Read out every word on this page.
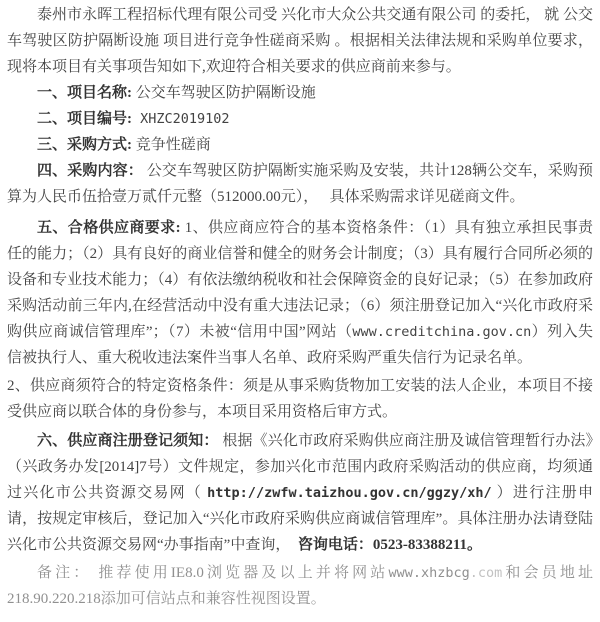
泰州市永晖工程招标代理有限公司受 兴化市大众公共交通有限公司 的委托， 就 公交车驾驶区防护隔断设施 项目进行竞争性磋商采购 。根据相关法律法规和采购单位要求，现将本项目有关事项告知如下,欢迎符合相关要求的供应商前来参与。

一、项目名称: 公交车驾驶区防护隔断设施

二、项目编号: XHZC2019102

三、采购方式: 竞争性磋商

四、采购内容： 公交车驾驶区防护隔断实施采购及安装，共计128辆公交车，采购预算为人民币伍拾壹万贰仟元整（512000.00元），　 具体采购需求详见磋商文件。

五、合格供应商要求: 1、供应商应符合的基本资格条件：（1）具有独立承担民事责任的能力；（2）具有良好的商业信誉和健全的财务会计制度；（3）具有履行合同所必须的设备和专业技术能力；（4）有依法缴纳税收和社会保障资金的良好记录；（5）在参加政府采购活动前三年内,在经营活动中没有重大违法记录；（6）须注册登记加入“兴化市政府采购供应商诚信管理库”；（7）未被“信用中国”网站（www.creditchina.gov.cn）列入失信被执行人、重大税收违法案件当事人名单、政府采购严重失信行为记录名单。

2、供应商须符合的特定资格条件：须是从事采购货物加工安装的法人企业，本项目不接受供应商以联合体的身份参与，本项目采用资格后审方式。

六、供应商注册登记须知： 根据《兴化市政府采购供应商注册及诚信管理暂行办法》（兴政务办发[2014]7号）文件规定，参加兴化市范围内政府采购活动的供应商，均须通过兴化市公共资源交易网（ http://zwfw.taizhou.gov.cn/ggzy/xh/ ）进行注册申请，按规定审核后，登记加入“兴化市政府采购供应商诚信管理库”。具体注册办法请登陆兴化市公共资源交易网“办事指南”中查询，　咨询电话：0523-83388211。

备注： 推荐使用IE8.0浏览器及以上并将网站www.xhzbcg.com和会员地址218.90.220.218添加可信站点和兼容性视图设置。
